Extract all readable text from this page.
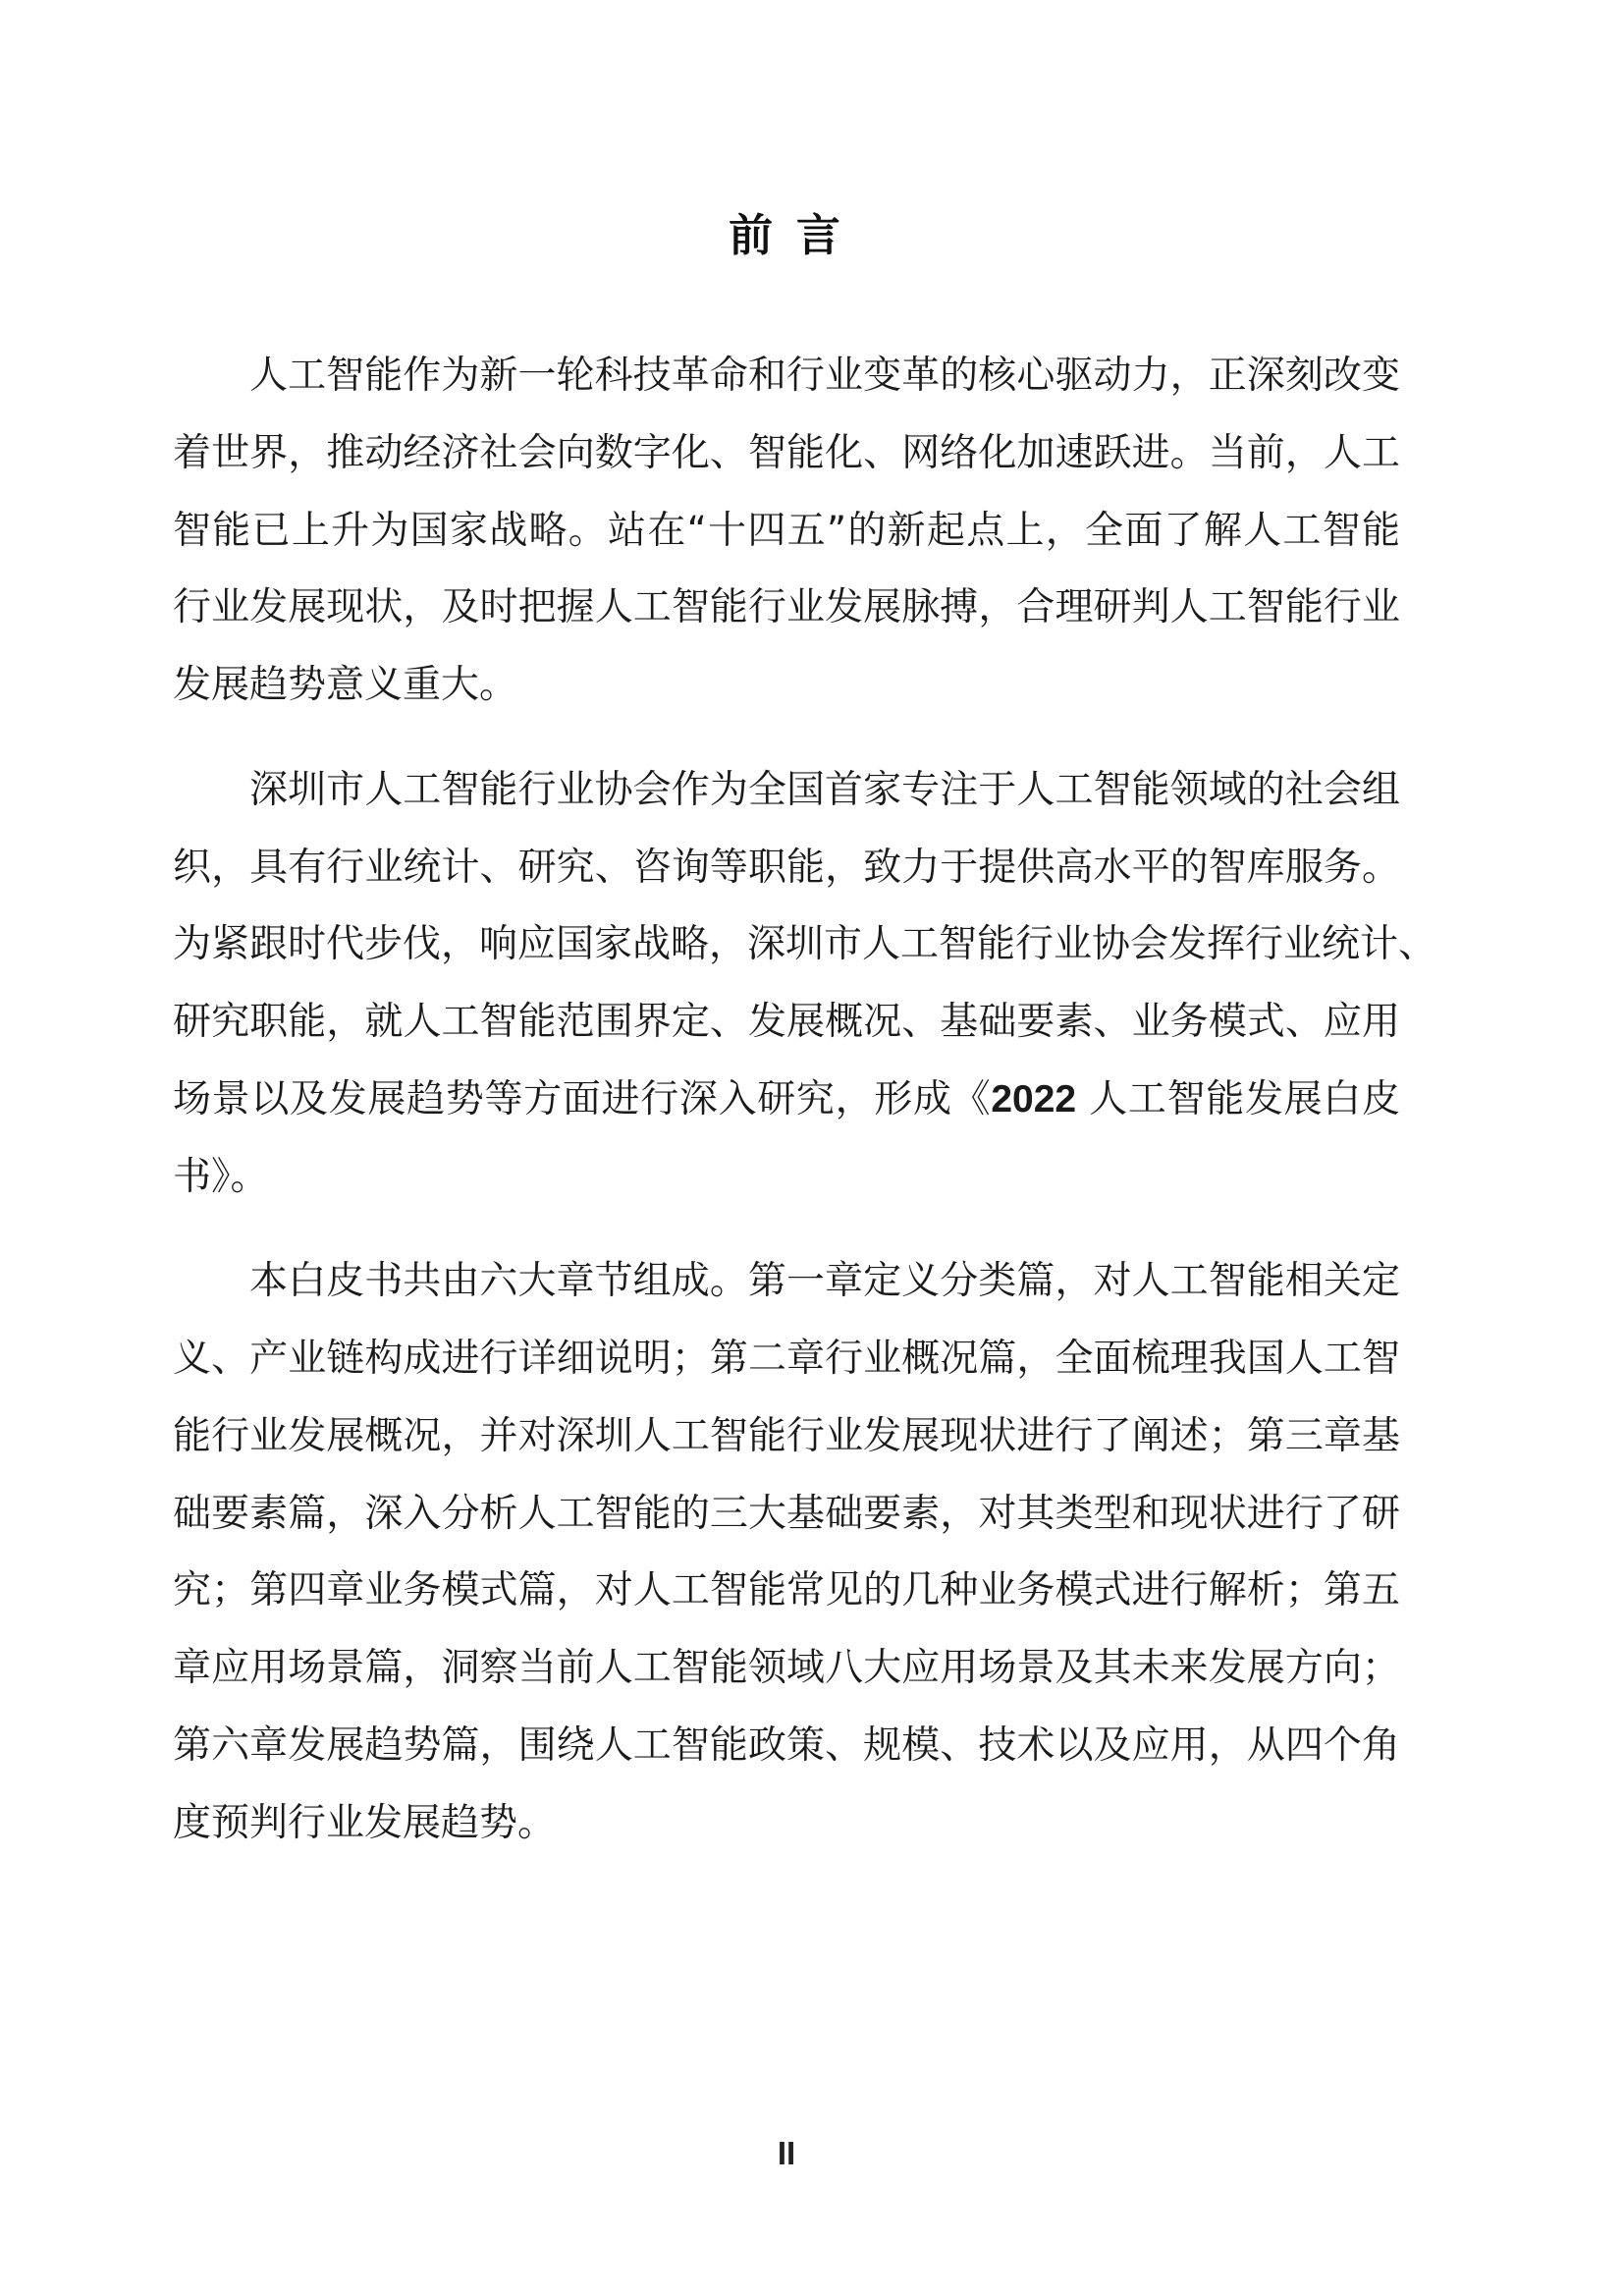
前 言
人工智能作为新一轮科技革命和行业变革的核心驱动力，正深刻改变
着世界，推动经济社会向数字化、智能化、网络化加速跃进。当前，人工
智能已上升为国家战略。站在“十四五”的新起点上，全面了解人工智能
行业发展现状，及时把握人工智能行业发展脉搏，合理研判人工智能行业
发展趋势意义重大。
深圳市人工智能行业协会作为全国首家专注于人工智能领域的社会组
织，具有行业统计、研究、咨询等职能，致力于提供高水平的智库服务。
为紧跟时代步伐，响应国家战略，深圳市人工智能行业协会发挥行业统计、
研究职能，就人工智能范围界定、发展概况、基础要素、业务模式、应用
场景以及发展趋势等方面进行深入研究，形成《2022 人工智能发展白皮
书》。
本白皮书共由六大章节组成。第一章定义分类篇，对人工智能相关定
义、产业链构成进行详细说明；第二章行业概况篇，全面梳理我国人工智
能行业发展概况，并对深圳人工智能行业发展现状进行了阐述；第三章基
础要素篇，深入分析人工智能的三大基础要素，对其类型和现状进行了研
究；第四章业务模式篇，对人工智能常见的几种业务模式进行解析；第五
章应用场景篇，洞察当前人工智能领域八大应用场景及其未来发展方向；
第六章发展趋势篇，围绕人工智能政策、规模、技术以及应用，从四个角
度预判行业发展趋势。
II
